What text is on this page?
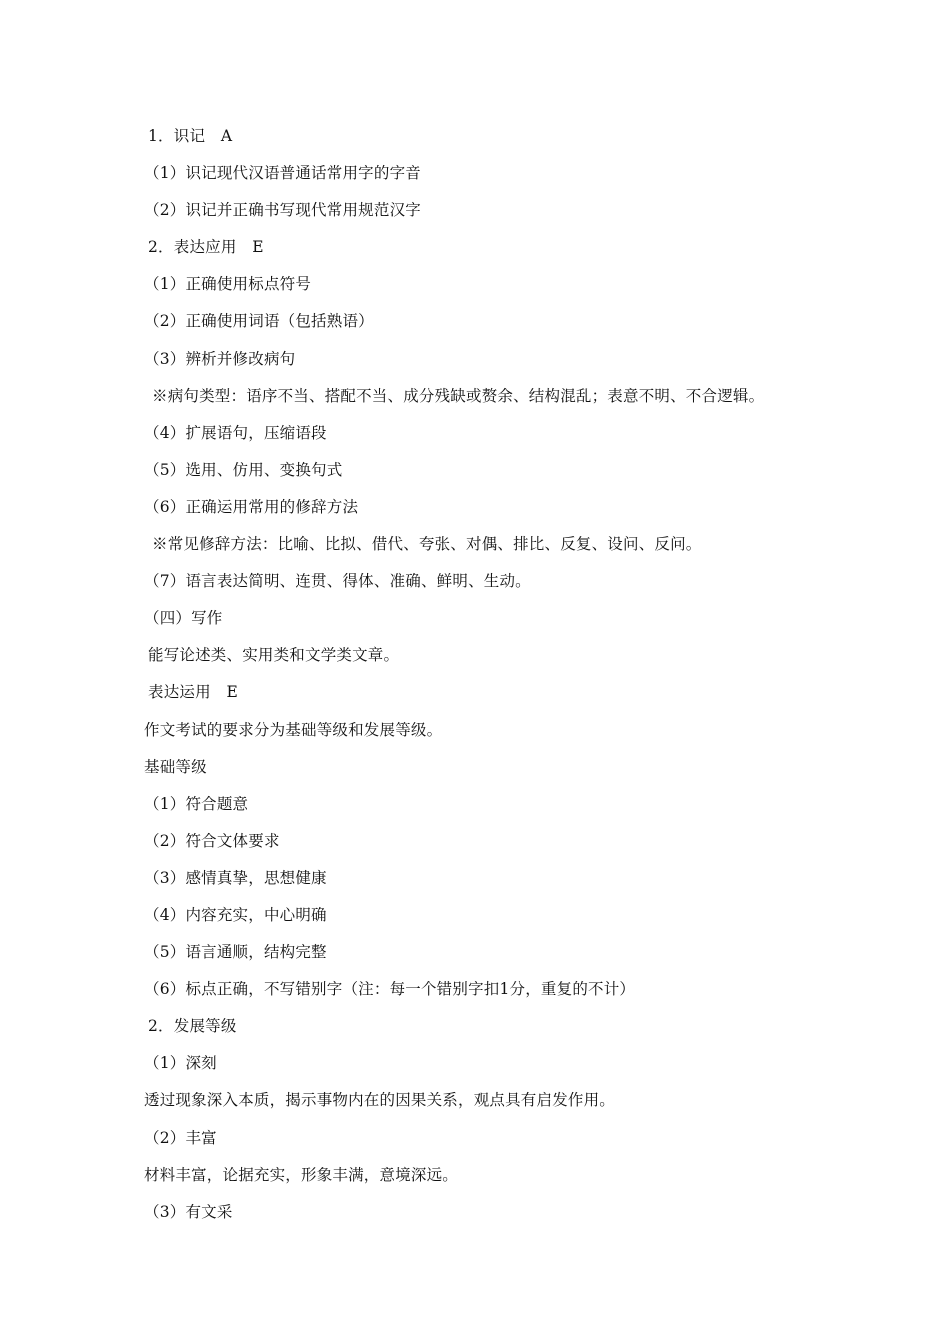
1．识记　A
（1）识记现代汉语普通话常用字的字音
（2）识记并正确书写现代常用规范汉字
2．表达应用　E
（1）正确使用标点符号
（2）正确使用词语（包括熟语）
（3）辨析并修改病句
※病句类型：语序不当、搭配不当、成分残缺或赘余、结构混乱；表意不明、不合逻辑。
（4）扩展语句，压缩语段
（5）选用、仿用、变换句式
（6）正确运用常用的修辞方法
※常见修辞方法：比喻、比拟、借代、夸张、对偶、排比、反复、设问、反问。
（7）语言表达简明、连贯、得体、准确、鲜明、生动。
（四）写作
能写论述类、实用类和文学类文章。
表达运用　E
作文考试的要求分为基础等级和发展等级。
基础等级
（1）符合题意
（2）符合文体要求
（3）感情真挚，思想健康
（4）内容充实，中心明确
（5）语言通顺，结构完整
（6）标点正确，不写错别字（注：每一个错别字扣1分，重复的不计）
2．发展等级
（1）深刻
透过现象深入本质，揭示事物内在的因果关系，观点具有启发作用。
（2）丰富
材料丰富，论据充实，形象丰满，意境深远。
（3）有文采
